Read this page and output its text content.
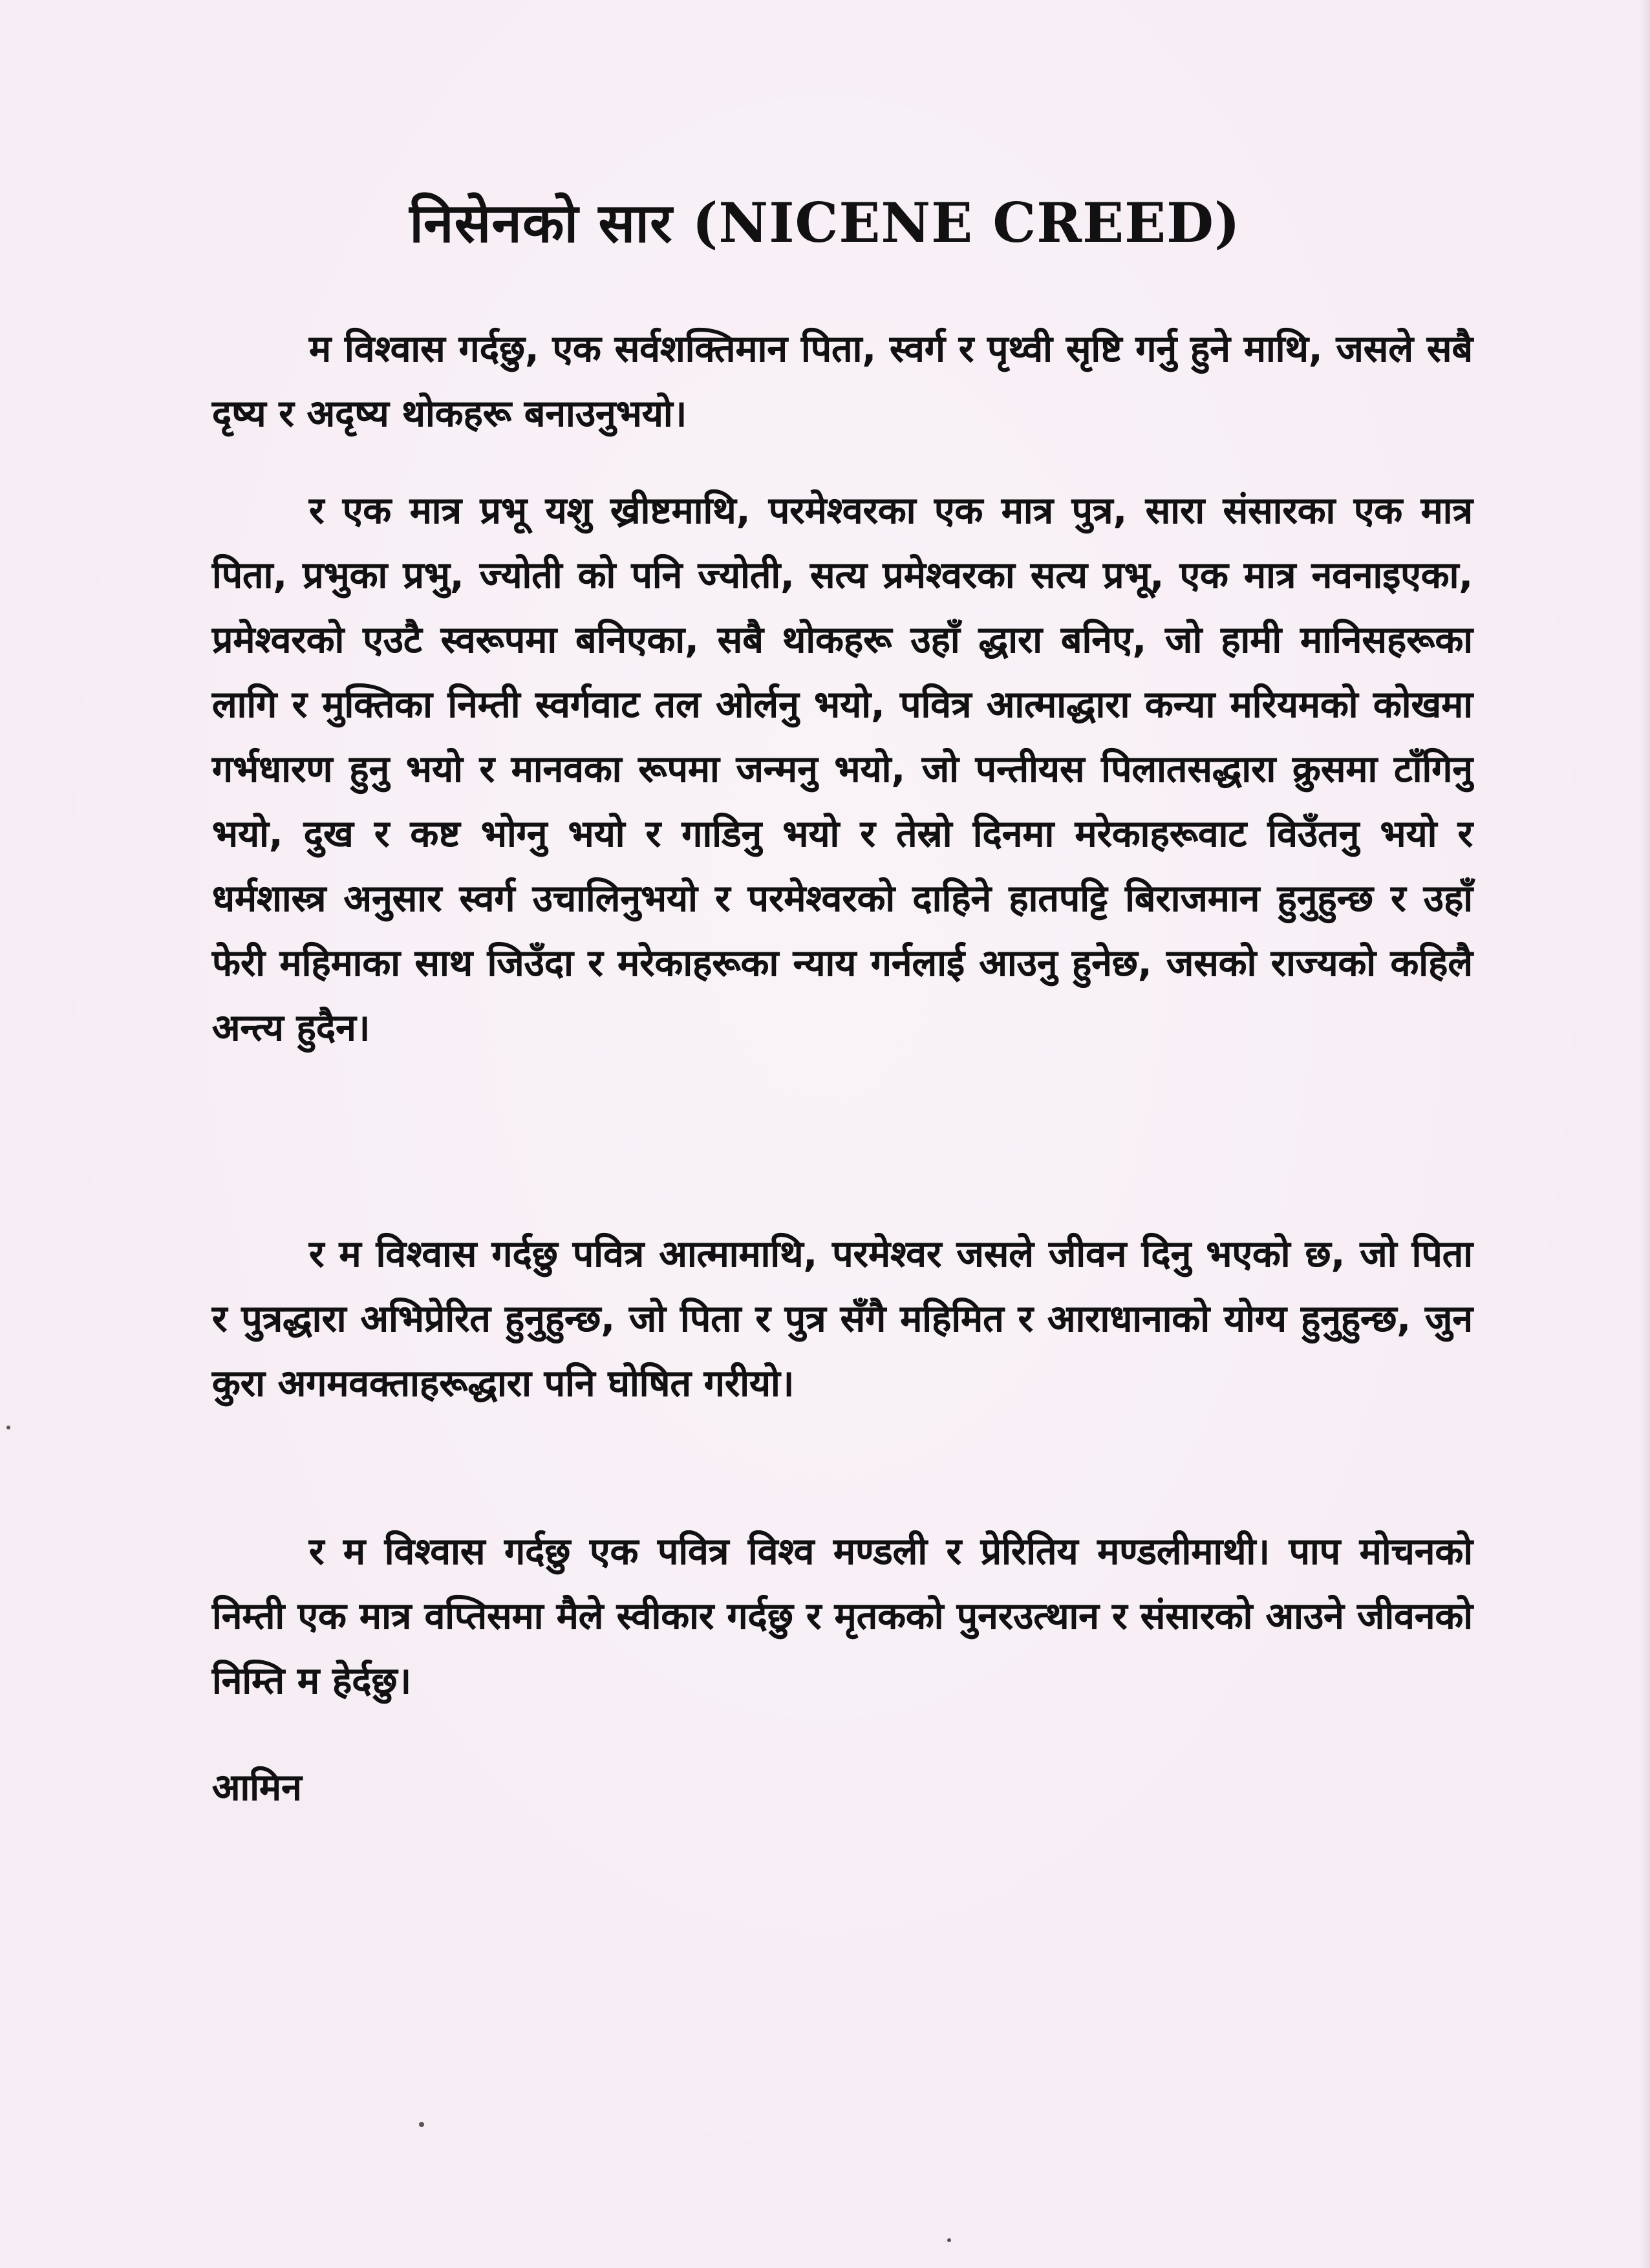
निसेनको सार (NICENE CREED)

म विश्वास गर्दछु, एक सर्वशक्तिमान पिता, स्वर्ग र पृथ्वी सृष्टि गर्नु हुने माथि, जसले सबै दृष्य र अदृष्य थोकहरू बनाउनुभयो।

र एक मात्र प्रभू यशु ख्रीष्टमाथि, परमेश्वरका एक मात्र पुत्र, सारा संसारका एक मात्र पिता, प्रभुका प्रभु, ज्योती को पनि ज्योती, सत्य प्रमेश्वरका सत्य प्रभू, एक मात्र नवनाइएका, प्रमेश्वरको एउटै स्वरूपमा बनिएका, सबै थोकहरू उहाँ द्धारा बनिए, जो हामी मानिसहरूका लागि र मुक्तिका निम्ती स्वर्गवाट तल ओर्लनु भयो, पवित्र आत्माद्धारा कन्या मरियमको कोखमा गर्भधारण हुनु भयो र मानवका रूपमा जन्मनु भयो, जो पन्तीयस पिलातसद्धारा क्रुसमा टाँगिनु भयो, दुख र कष्ट भोग्नु भयो र गाडिनु भयो र तेस्रो दिनमा मरेकाहरूवाट विउँतनु भयो र धर्मशास्त्र अनुसार स्वर्ग उचालिनुभयो र परमेश्वरको दाहिने हातपट्टि बिराजमान हुनुहुन्छ र उहाँ फेरी महिमाका साथ जिउँदा र मरेकाहरूका न्याय गर्नलाई आउनु हुनेछ, जसको राज्यको कहिलै अन्त्य हुदैन।

र म विश्वास गर्दछु पवित्र आत्मामाथि, परमेश्वर जसले जीवन दिनु भएको छ, जो पिता र पुत्रद्धारा अभिप्रेरित हुनुहुन्छ, जो पिता र पुत्र सँगै महिमित र आराधानाको योग्य हुनुहुन्छ, जुन कुरा अगमवक्ताहरूद्धारा पनि घोषित गरीयो।

र म विश्वास गर्दछु एक पवित्र विश्व मण्डली र प्रेरितिय मण्डलीमाथी। पाप मोचनको निम्ती एक मात्र वप्तिसमा मैले स्वीकार गर्दछु र मृतकको पुनरउत्थान र संसारको आउने जीवनको निम्ति म हेर्दछु।

आमिन
